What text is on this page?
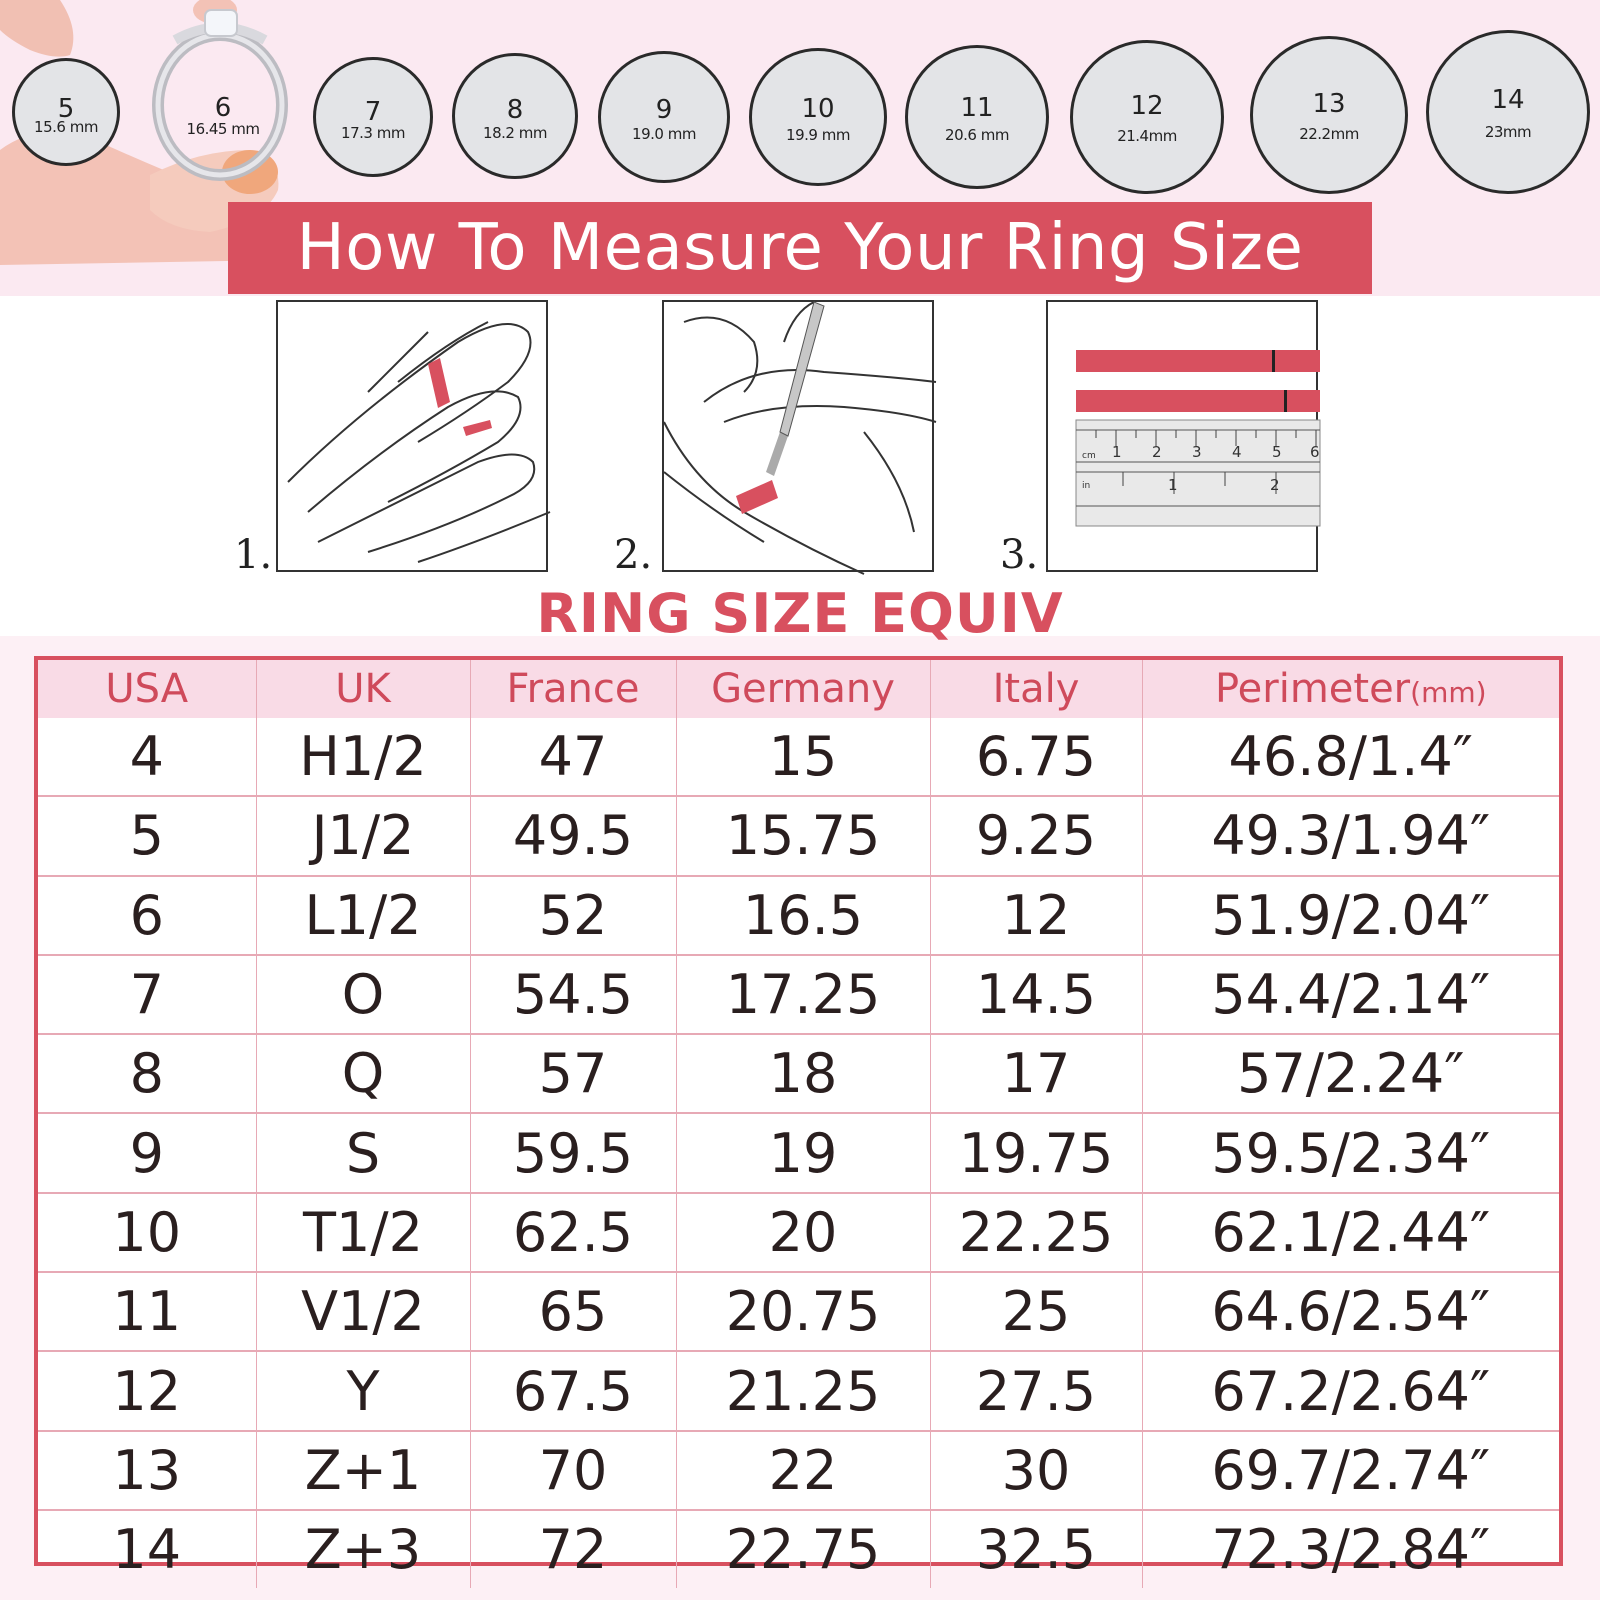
5
15.6 mm
6
16.45 mm
7
17.3 mm
8
18.2 mm
9
19.0 mm
10
19.9 mm
11
20.6 mm
12
21.4mm
13
22.2mm
14
23mm
How To Measure Your Ring Size
1.	2.	3.
1 2 3 4 5 6
1	2
cm
in
RING SIZE EQUIV
USA	UK	France	Germany	Italy	Perimeter(mm)
4	H1/2	47	15	6.75	46.8/1.4″
5	J1/2	49.5	15.75	9.25	49.3/1.94″
6	L1/2	52	16.5	12	51.9/2.04″
7	O	54.5	17.25	14.5	54.4/2.14″
8	Q	57	18	17	57/2.24″
9	S	59.5	19	19.75	59.5/2.34″
10	T1/2	62.5	20	22.25	62.1/2.44″
11	V1/2	65	20.75	25	64.6/2.54″
12	Y	67.5	21.25	27.5	67.2/2.64″
13	Z+1	70	22	30	69.7/2.74″
14	Z+3	72	22.75	32.5	72.3/2.84″
